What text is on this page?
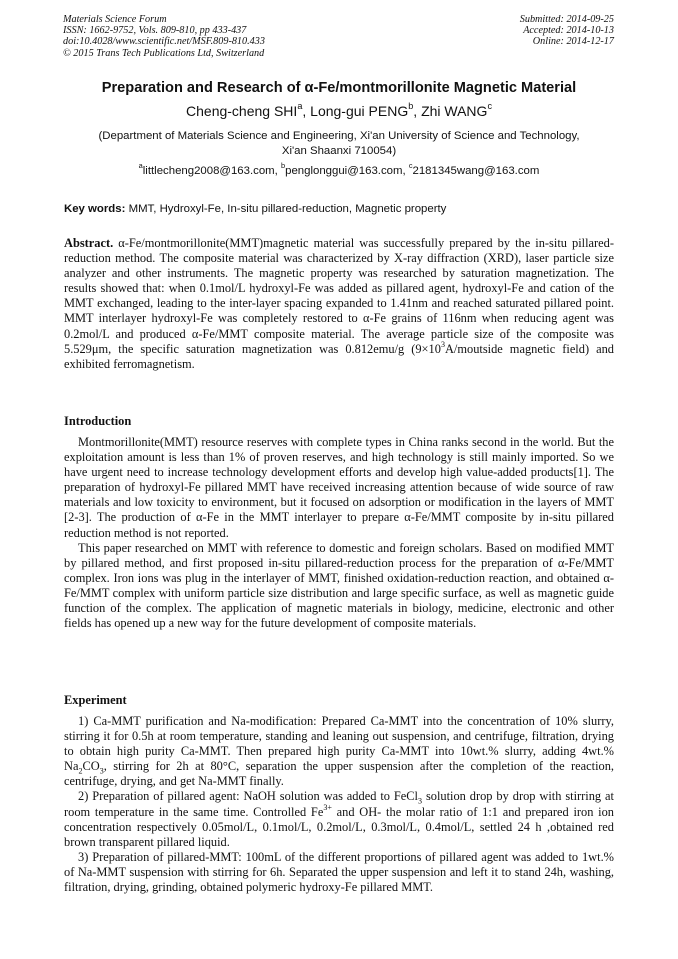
Materials Science Forum
ISSN: 1662-9752, Vols. 809-810, pp 433-437
doi:10.4028/www.scientific.net/MSF.809-810.433
© 2015 Trans Tech Publications Ltd, Switzerland
Submitted: 2014-09-25
Accepted: 2014-10-13
Online: 2014-12-17
Preparation and Research of α-Fe/montmorillonite Magnetic Material
Cheng-cheng SHI$^a$, Long-gui PENG$^b$, Zhi WANG$^c$
(Department of Materials Science and Engineering, Xi'an University of Science and Technology,
Xi'an Shaanxi 710054)
$^a$littlecheng2008@163.com, $^b$penglonggui@163.com, $^c$2181345wang@163.com
Key words: MMT, Hydroxyl-Fe, In-situ pillared-reduction, Magnetic property
Abstract. α-Fe/montmorillonite(MMT)magnetic material was successfully prepared by the in-situ pillared-reduction method. The composite material was characterized by X-ray diffraction (XRD), laser particle size analyzer and other instruments. The magnetic property was researched by saturation magnetization. The results showed that: when 0.1mol/L hydroxyl-Fe was added as pillared agent, hydroxyl-Fe and cation of the MMT exchanged, leading to the inter-layer spacing expanded to 1.41nm and reached saturated pillared point. MMT interlayer hydroxyl-Fe was completely restored to α-Fe grains of 116nm when reducing agent was 0.2mol/L and produced α-Fe/MMT composite material. The average particle size of the composite was 5.529μm, the specific saturation magnetization was 0.812emu/g ($9\times 10^3A$/moutside magnetic field) and exhibited ferromagnetism.
Introduction

Montmorillonite(MMT) resource reserves with complete types in China ranks second in the world. But the exploitation amount is less than 1% of proven reserves, and high technology is still mainly imported. So we have urgent need to increase technology development efforts and develop high value-added products[1]. The preparation of hydroxyl-Fe pillared MMT have received increasing attention because of wide source of raw materials and low toxicity to environment, but it focused on adsorption or modification in the layers of MMT [2-3]. The production of α-Fe in the MMT interlayer to prepare α-Fe/MMT composite by in-situ pillared reduction method is not reported.

This paper researched on MMT with reference to domestic and foreign scholars. Based on modified MMT by pillared method, and first proposed in-situ pillared-reduction process for the preparation of α-Fe/MMT complex. Iron ions was plug in the interlayer of MMT, finished oxidation-reduction reaction, and obtained α-Fe/MMT complex with uniform particle size distribution and large specific surface, as well as magnetic guide function of the complex. The application of magnetic materials in biology, medicine, electronic and other fields has opened up a new way for the future development of composite materials.

Experiment

1) Ca-MMT purification and Na-modification: Prepared Ca-MMT into the concentration of 10% slurry, stirring it for 0.5h at room temperature, standing and leaning out suspension, and centrifuge, filtration, drying to obtain high purity Ca-MMT. Then prepared high purity Ca-MMT into 10wt.% slurry, adding 4wt.% $Na_2CO_3$, stirring for 2h at 80°C, separation the upper suspension after the completion of the reaction, centrifuge, drying, and get Na-MMT finally.

2) Preparation of pillared agent: NaOH solution was added to FeCl$_3$ solution drop by drop with stirring at room temperature in the same time. Controlled $Fe^{3+}$ and OH- the molar ratio of 1:1 and prepared iron ion concentration respectively 0.05mol/L, 0.1mol/L, 0.2mol/L, 0.3mol/L, 0.4mol/L, settled 24 h ,obtained red brown transparent pillared liquid.

3) Preparation of pillared-MMT: 100mL of the different proportions of pillared agent was added to 1wt.% of Na-MMT suspension with stirring for 6h. Separated the upper suspension and left it to stand 24h, washing, filtration, drying, grinding, obtained polymeric hydroxy-Fe pillared MMT.
